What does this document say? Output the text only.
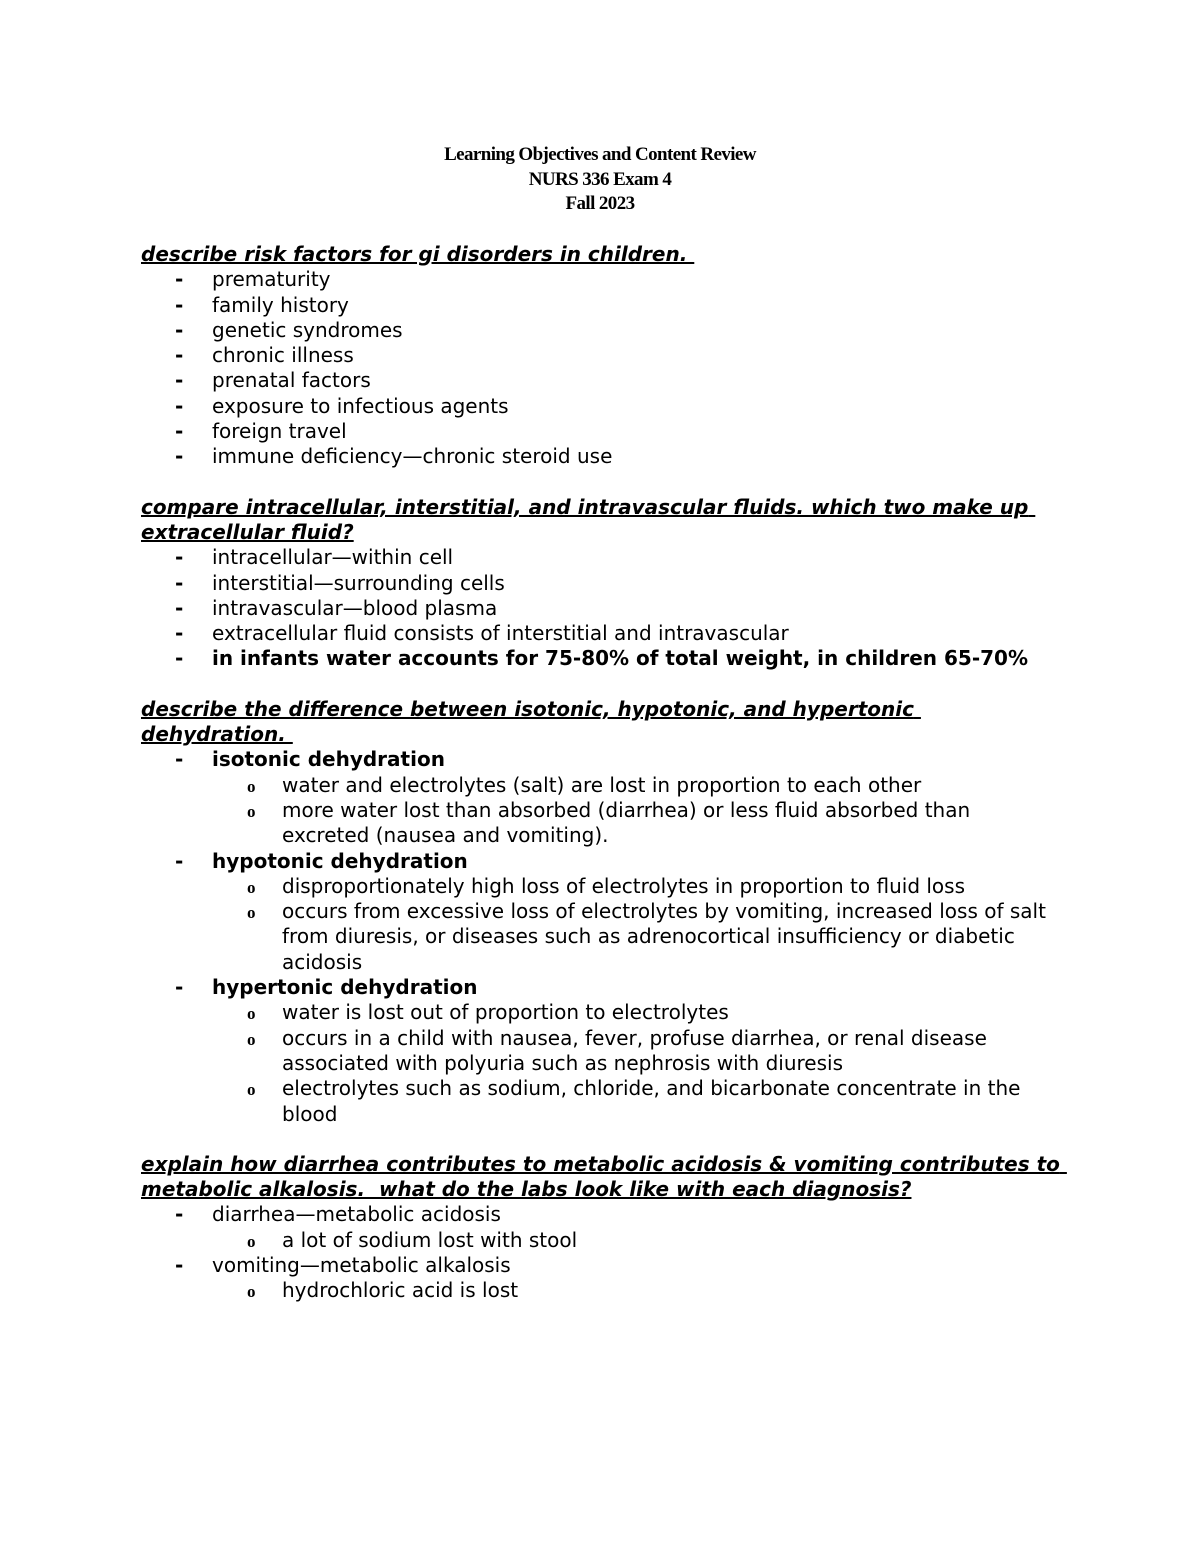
Learning Objectives and Content Review
NURS 336 Exam 4
Fall 2023
describe risk factors for gi disorders in children.
- prematurity
- family history
- genetic syndromes
- chronic illness
- prenatal factors
- exposure to infectious agents
- foreign travel
- immune deficiency—chronic steroid use
compare intracellular, interstitial, and intravascular fluids. which two make up extracellular fluid?
- intracellular—within cell
- interstitial—surrounding cells
- intravascular—blood plasma
- extracellular fluid consists of interstitial and intravascular
- in infants water accounts for 75-80% of total weight, in children 65-70%
describe the difference between isotonic, hypotonic, and hypertonic dehydration.
- isotonic dehydration
o water and electrolytes (salt) are lost in proportion to each other
o more water lost than absorbed (diarrhea) or less fluid absorbed than excreted (nausea and vomiting).
- hypotonic dehydration
o disproportionately high loss of electrolytes in proportion to fluid loss
o occurs from excessive loss of electrolytes by vomiting, increased loss of salt from diuresis, or diseases such as adrenocortical insufficiency or diabetic acidosis
- hypertonic dehydration
o water is lost out of proportion to electrolytes
o occurs in a child with nausea, fever, profuse diarrhea, or renal disease associated with polyuria such as nephrosis with diuresis
o electrolytes such as sodium, chloride, and bicarbonate concentrate in the blood
explain how diarrhea contributes to metabolic acidosis & vomiting contributes to metabolic alkalosis.  what do the labs look like with each diagnosis?
- diarrhea—metabolic acidosis
o a lot of sodium lost with stool
- vomiting—metabolic alkalosis
o hydrochloric acid is lost
